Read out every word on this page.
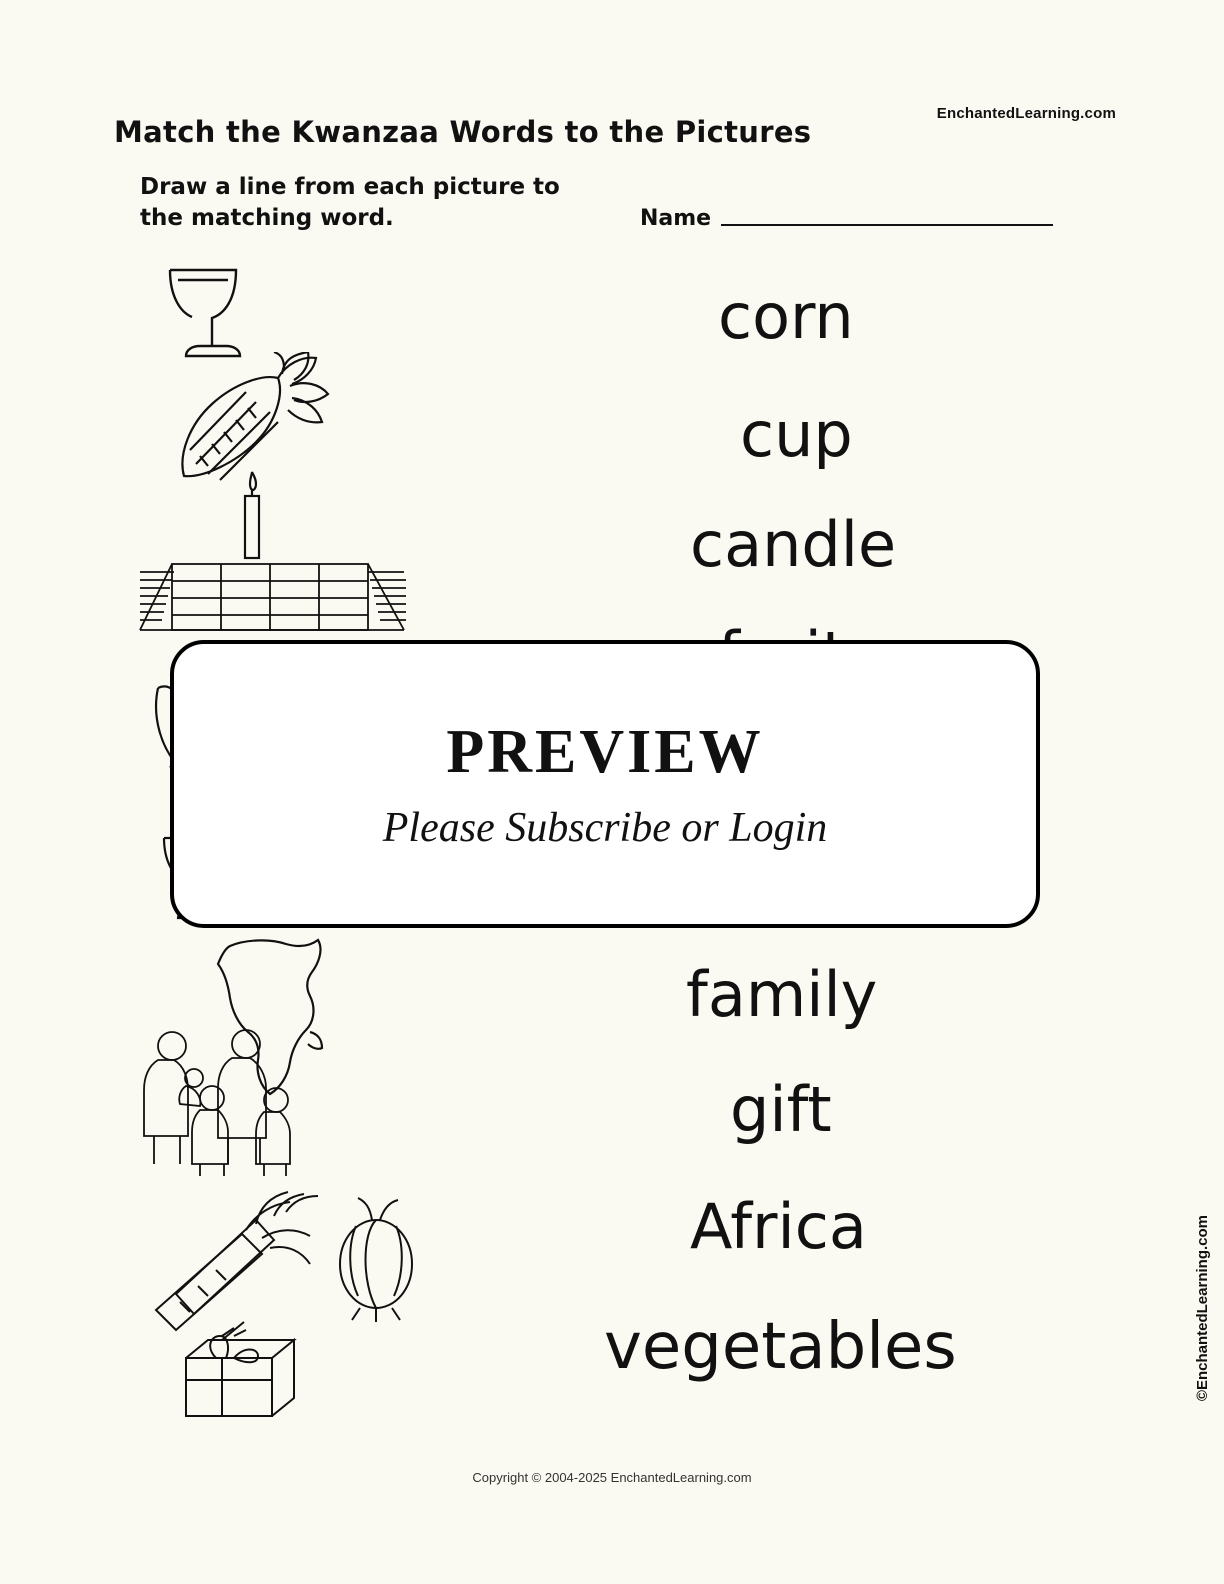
EnchantedLearning.com
Match the Kwanzaa Words to the Pictures
Draw a line from each picture to the matching word.	Name
corn
cup
candle
family
gift
Africa
vegetables	©EnchantedLearning.com
Copyright © 2004-2025 EnchantedLearning.com
PREVIEW
Please Subscribe or Login
